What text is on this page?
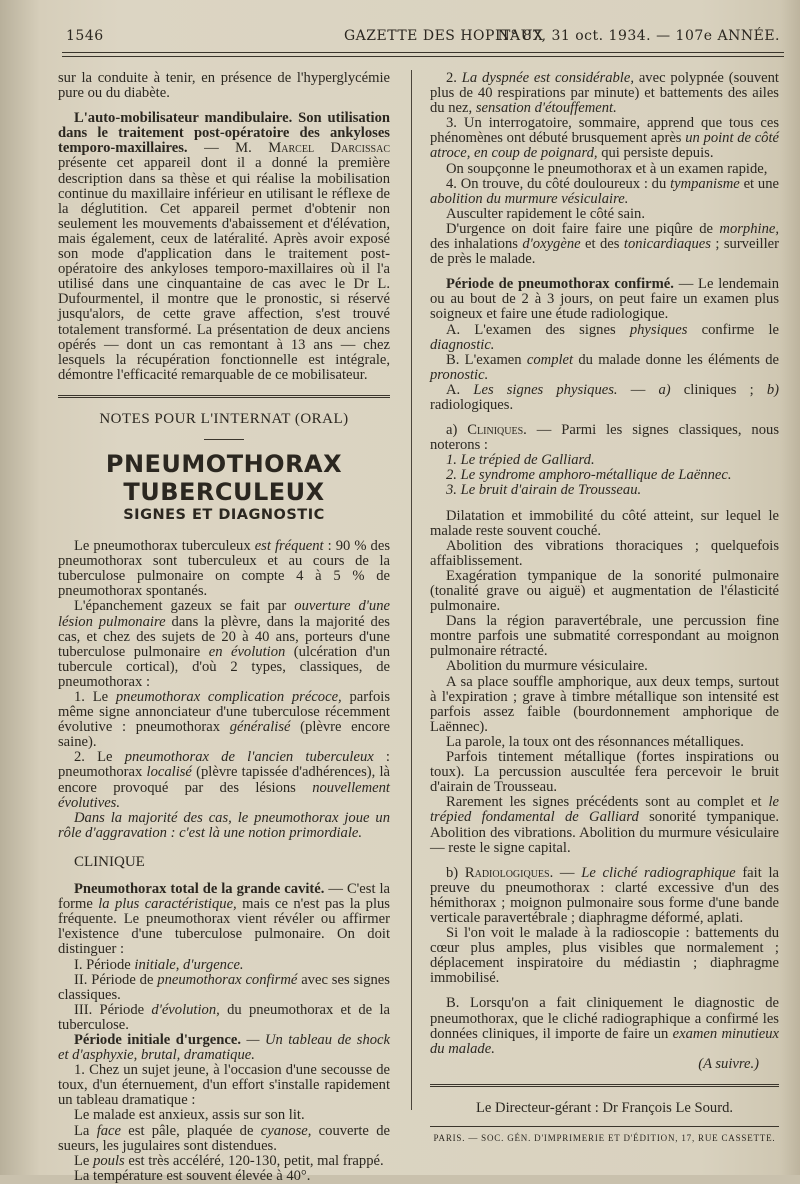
1546	GAZETTE DES HOPITAUX
N° 87, 31 oct. 1934. — 107e ANNÉE.

sur la conduite à tenir, en présence de l'hyperglycémie pure ou du diabète.

L'auto-mobilisateur mandibulaire. Son utilisation dans le traitement post-opératoire des ankyloses temporo-maxillaires. — M. Marcel Darcissac présente cet appareil dont il a donné la première description dans sa thèse et qui réalise la mobilisation continue du maxillaire inférieur en utilisant le réflexe de la déglutition. Cet appareil permet d'obtenir non seulement les mouvements d'abaissement et d'élévation, mais également, ceux de latéralité. Après avoir exposé son mode d'application dans le traitement post-opératoire des ankyloses temporo-maxillaires où il l'a utilisé dans une cinquantaine de cas avec le Dr L. Dufourmentel, il montre que le pronostic, si réservé jusqu'alors, de cette grave affection, s'est trouvé totalement transformé. La présentation de deux anciens opérés — dont un cas remontant à 13 ans — chez lesquels la récupération fonctionnelle est intégrale, démontre l'efficacité remarquable de ce mobilisateur.

NOTES POUR L'INTERNAT (ORAL)
PNEUMOTHORAX TUBERCULEUX
SIGNES ET DIAGNOSTIC

Le pneumothorax tuberculeux est fréquent : 90 % des pneumothorax sont tuberculeux et au cours de la tuberculose pulmonaire on compte 4 à 5 % de pneumothorax spontanés.

L'épanchement gazeux se fait par ouverture d'une lésion pulmonaire dans la plèvre, dans la majorité des cas, et chez des sujets de 20 à 40 ans, porteurs d'une tuberculose pulmonaire en évolution (ulcération d'un tubercule cortical), d'où 2 types, classiques, de pneumothorax :

1. Le pneumothorax complication précoce, parfois même signe annonciateur d'une tuberculose récemment évolutive : pneumothorax généralisé (plèvre encore saine).

2. Le pneumothorax de l'ancien tuberculeux : pneumothorax localisé (plèvre tapissée d'adhérences), là encore provoqué par des lésions nouvellement évolutives.

Dans la majorité des cas, le pneumothorax joue un rôle d'aggravation : c'est là une notion primordiale.

CLINIQUE

Pneumothorax total de la grande cavité. — C'est la forme la plus caractéristique, mais ce n'est pas la plus fréquente. Le pneumothorax vient révéler ou affirmer l'existence d'une tuberculose pulmonaire. On doit distinguer :

I. Période initiale, d'urgence.

II. Période de pneumothorax confirmé avec ses signes classiques.

III. Période d'évolution, du pneumothorax et de la tuberculose.

Période initiale d'urgence. — Un tableau de shock et d'asphyxie, brutal, dramatique.

1. Chez un sujet jeune, à l'occasion d'une secousse de toux, d'un éternuement, d'un effort s'installe rapidement un tableau dramatique :

Le malade est anxieux, assis sur son lit.

La face est pâle, plaquée de cyanose, couverte de sueurs, les jugulaires sont distendues.

Le pouls est très accéléré, 120-130, petit, mal frappé.

La température est souvent élevée à 40°.

2. La dyspnée est considérable, avec polypnée (souvent plus de 40 respirations par minute) et battements des ailes du nez, sensation d'étouffement.

3. Un interrogatoire, sommaire, apprend que tous ces phénomènes ont débuté brusquement après un point de côté atroce, en coup de poignard, qui persiste depuis.

On soupçonne le pneumothorax et à un examen rapide,

4. On trouve, du côté douloureux : du tympanisme et une abolition du murmure vésiculaire.

Ausculter rapidement le côté sain.

D'urgence on doit faire faire une piqûre de morphine, des inhalations d'oxygène et des tonicardiaques ; surveiller de près le malade.

Période de pneumothorax confirmé. — Le lendemain ou au bout de 2 à 3 jours, on peut faire un examen plus soigneux et faire une étude radiologique.

A. L'examen des signes physiques confirme le diagnostic.

B. L'examen complet du malade donne les éléments de pronostic.

A. Les signes physiques. — a) cliniques ; b) radiologiques.

a) Cliniques. — Parmi les signes classiques, nous noterons :

1. Le trépied de Galliard.
2. Le syndrome amphoro-métallique de Laënnec.
3. Le bruit d'airain de Trousseau.

Dilatation et immobilité du côté atteint, sur lequel le malade reste souvent couché.

Abolition des vibrations thoraciques ; quelquefois affaiblissement.

Exagération tympanique de la sonorité pulmonaire (tonalité grave ou aiguë) et augmentation de l'élasticité pulmonaire.

Dans la région paravertébrale, une percussion fine montre parfois une submatité correspondant au moignon pulmonaire rétracté.

Abolition du murmure vésiculaire.

A sa place souffle amphorique, aux deux temps, surtout à l'expiration ; grave à timbre métallique son intensité est parfois assez faible (bourdonnement amphorique de Laënnec).

La parole, la toux ont des résonnances métalliques.

Parfois tintement métallique (fortes inspirations ou toux). La percussion auscultée fera percevoir le bruit d'airain de Trousseau.

Rarement les signes précédents sont au complet et le trépied fondamental de Galliard sonorité tympanique. Abolition des vibrations. Abolition du murmure vésiculaire — reste le signe capital.

b) Radiologiques. — Le cliché radiographique fait la preuve du pneumothorax : clarté excessive d'un des hémithorax ; moignon pulmonaire sous forme d'une bande verticale paravertébrale ; diaphragme déformé, aplati.

Si l'on voit le malade à la radioscopie : battements du cœur plus amples, plus visibles que normalement ; déplacement inspiratoire du médiastin ; diaphragme immobilisé.

B. Lorsqu'on a fait cliniquement le diagnostic de pneumothorax, que le cliché radiographique a confirmé les données cliniques, il importe de faire un examen minutieux du malade.

(A suivre.)

Le Directeur-gérant : Dr François Le Sourd.
PARIS. — SOC. GÉN. D'IMPRIMERIE ET D'ÉDITION, 17, RUE CASSETTE.
